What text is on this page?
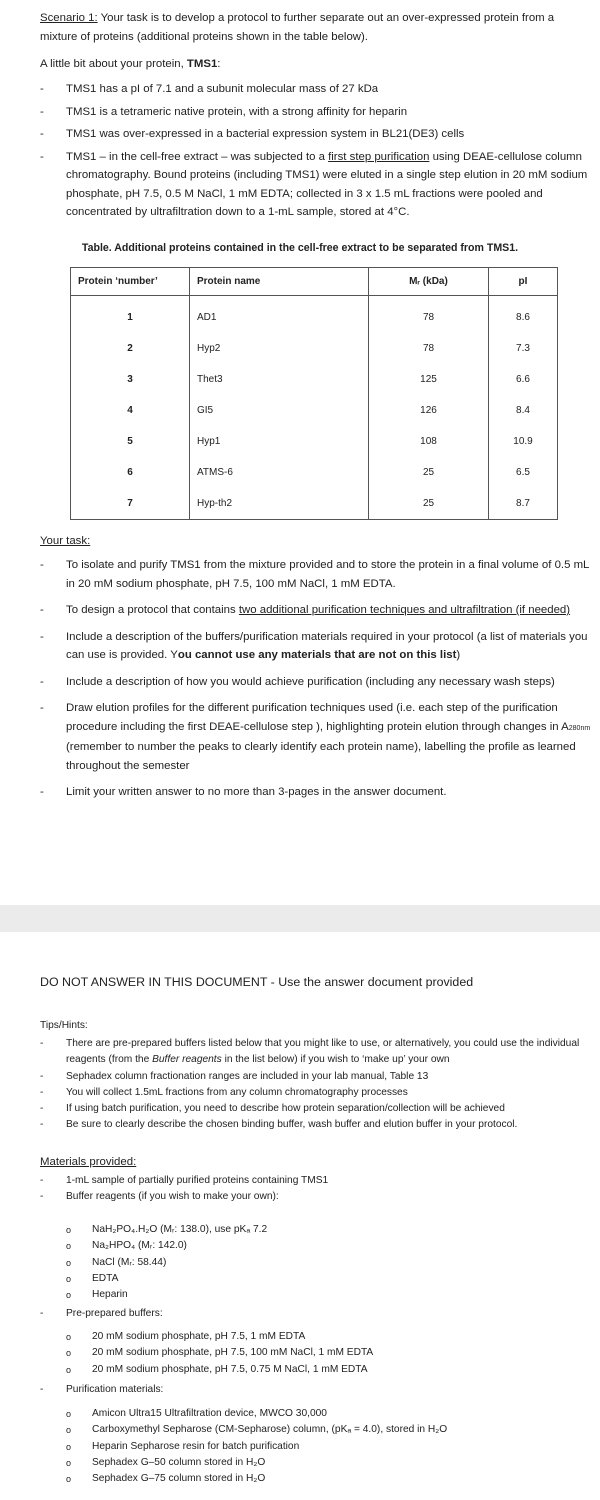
Scenario 1: Your task is to develop a protocol to further separate out an over-expressed protein from a mixture of proteins (additional proteins shown in the table below).
A little bit about your protein, TMS1:
- TMS1 has a pI of 7.1 and a subunit molecular mass of 27 kDa
- TMS1 is a tetrameric native protein, with a strong affinity for heparin
- TMS1 was over-expressed in a bacterial expression system in BL21(DE3) cells
- TMS1 – in the cell-free extract – was subjected to a first step purification using DEAE-cellulose column chromatography. Bound proteins (including TMS1) were eluted in a single step elution in 20 mM sodium phosphate, pH 7.5, 0.5 M NaCl, 1 mM EDTA; collected in 3 x 1.5 mL fractions were pooled and concentrated by ultrafiltration down to a 1-mL sample, stored at 4°C.
Table. Additional proteins contained in the cell-free extract to be separated from TMS1.
Protein ‘number’	Protein name	Mᵣ (kDa)	pI
1	AD1	78	8.6
2	Hyp2	78	7.3
3	Thet3	125	6.6
4	GI5	126	8.4
5	Hyp1	108	10.9
6	ATMS-6	25	6.5
7	Hyp-th2	25	8.7
Your task:
- To isolate and purify TMS1 from the mixture provided and to store the protein in a final volume of 0.5 mL in 20 mM sodium phosphate, pH 7.5, 100 mM NaCl, 1 mM EDTA.
- To design a protocol that contains two additional purification techniques and ultrafiltration (if needed)
- Include a description of the buffers/purification materials required in your protocol (a list of materials you can use is provided. You cannot use any materials that are not on this list)
- Include a description of how you would achieve purification (including any necessary wash steps)
- Draw elution profiles for the different purification techniques used (i.e. each step of the purification procedure including the first DEAE-cellulose step ), highlighting protein elution through changes in A280nm (remember to number the peaks to clearly identify each protein name), labelling the profile as learned throughout the semester
- Limit your written answer to no more than 3-pages in the answer document.
DO NOT ANSWER IN THIS DOCUMENT - Use the answer document provided
Tips/Hints:
- There are pre-prepared buffers listed below that you might like to use, or alternatively, you could use the individual reagents (from the Buffer reagents in the list below) if you wish to ‘make up’ your own
- Sephadex column fractionation ranges are included in your lab manual, Table 13
- You will collect 1.5mL fractions from any column chromatography processes
- If using batch purification, you need to describe how protein separation/collection will be achieved
- Be sure to clearly describe the chosen binding buffer, wash buffer and elution buffer in your protocol.
Materials provided:
- 1-mL sample of partially purified proteins containing TMS1
- Buffer reagents (if you wish to make your own):
o NaH₂PO₄.H₂O (Mᵣ: 138.0), use pKₐ 7.2
o Na₂HPO₄ (Mᵣ: 142.0)
o NaCl (Mᵣ: 58.44)
o EDTA
o Heparin
- Pre-prepared buffers:
o 20 mM sodium phosphate, pH 7.5, 1 mM EDTA
o 20 mM sodium phosphate, pH 7.5, 100 mM NaCl, 1 mM EDTA
o 20 mM sodium phosphate, pH 7.5, 0.75 M NaCl, 1 mM EDTA
- Purification materials:
o Amicon Ultra15 Ultrafiltration device, MWCO 30,000
o Carboxymethyl Sepharose (CM-Sepharose) column, (pKₐ = 4.0), stored in H₂O
o Heparin Sepharose resin for batch purification
o Sephadex G–50 column stored in H₂O
o Sephadex G–75 column stored in H₂O
